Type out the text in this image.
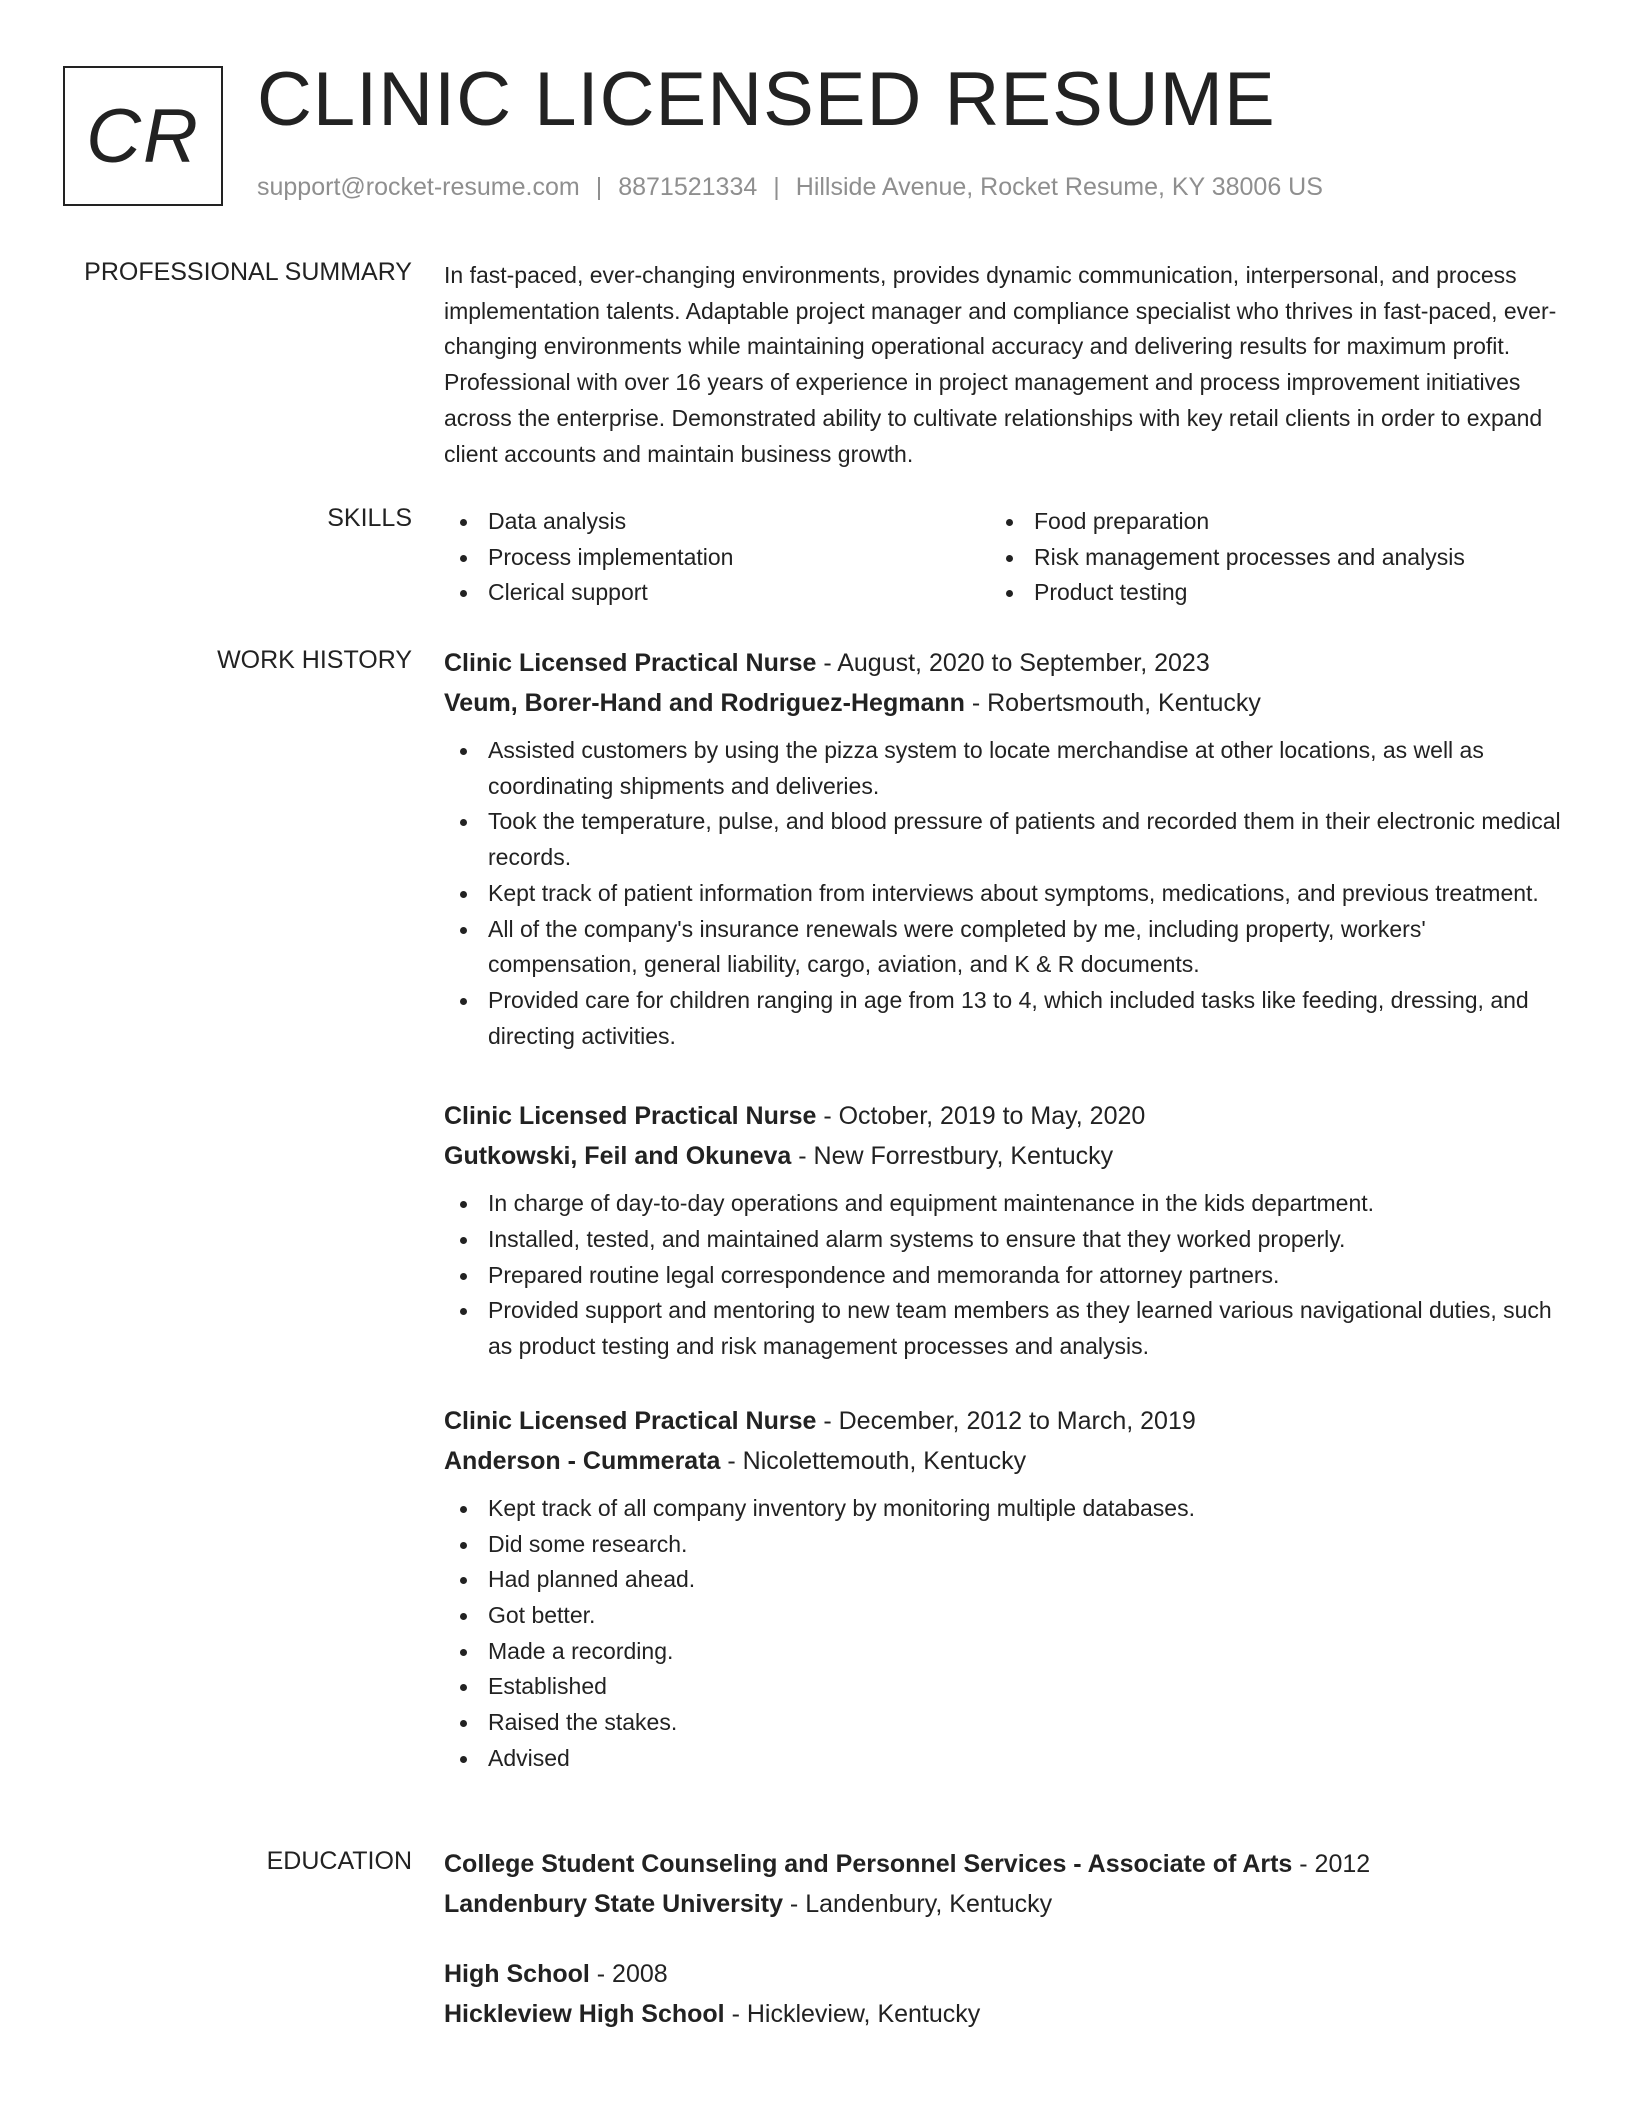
CR CLINIC LICENSED RESUME
support@rocket-resume.com | 8871521334 | Hillside Avenue, Rocket Resume, KY 38006 US
PROFESSIONAL SUMMARY In fast-paced, ever-changing environments, provides dynamic communication, interpersonal, and process implementation talents. Adaptable project manager and compliance specialist who thrives in fast-paced, ever-changing environments while maintaining operational accuracy and delivering results for maximum profit. Professional with over 16 years of experience in project management and process improvement initiatives across the enterprise. Demonstrated ability to cultivate relationships with key retail clients in order to expand client accounts and maintain business growth.

SKILLS	Data analysis
Process implementation
Clerical support
Food preparation
Risk management processes and analysis
Product testing
WORK HISTORY Clinic Licensed Practical Nurse - August, 2020 to September, 2023
Veum, Borer-Hand and Rodriguez-Hegmann - Robertsmouth, Kentucky
Assisted customers by using the pizza system to locate merchandise at other locations, as well as coordinating shipments and deliveries.
Took the temperature, pulse, and blood pressure of patients and recorded them in their electronic medical records.
Kept track of patient information from interviews about symptoms, medications, and previous treatment.
All of the company's insurance renewals were completed by me, including property, workers' compensation, general liability, cargo, aviation, and K & R documents.
Provided care for children ranging in age from 13 to 4, which included tasks like feeding, dressing, and directing activities.
Clinic Licensed Practical Nurse - October, 2019 to May, 2020
Gutkowski, Feil and Okuneva - New Forrestbury, Kentucky
In charge of day-to-day operations and equipment maintenance in the kids department.
Installed, tested, and maintained alarm systems to ensure that they worked properly.
Prepared routine legal correspondence and memoranda for attorney partners.
Provided support and mentoring to new team members as they learned various navigational duties, such as product testing and risk management processes and analysis.
Clinic Licensed Practical Nurse - December, 2012 to March, 2019
Anderson - Cummerata - Nicolettemouth, Kentucky
Kept track of all company inventory by monitoring multiple databases.
Did some research.
Had planned ahead.
Got better.
Made a recording.
Established
Raised the stakes.
Advised
EDUCATION College Student Counseling and Personnel Services - Associate of Arts - 2012
Landenbury State University - Landenbury, Kentucky
High School - 2008
Hickleview High School - Hickleview, Kentucky
